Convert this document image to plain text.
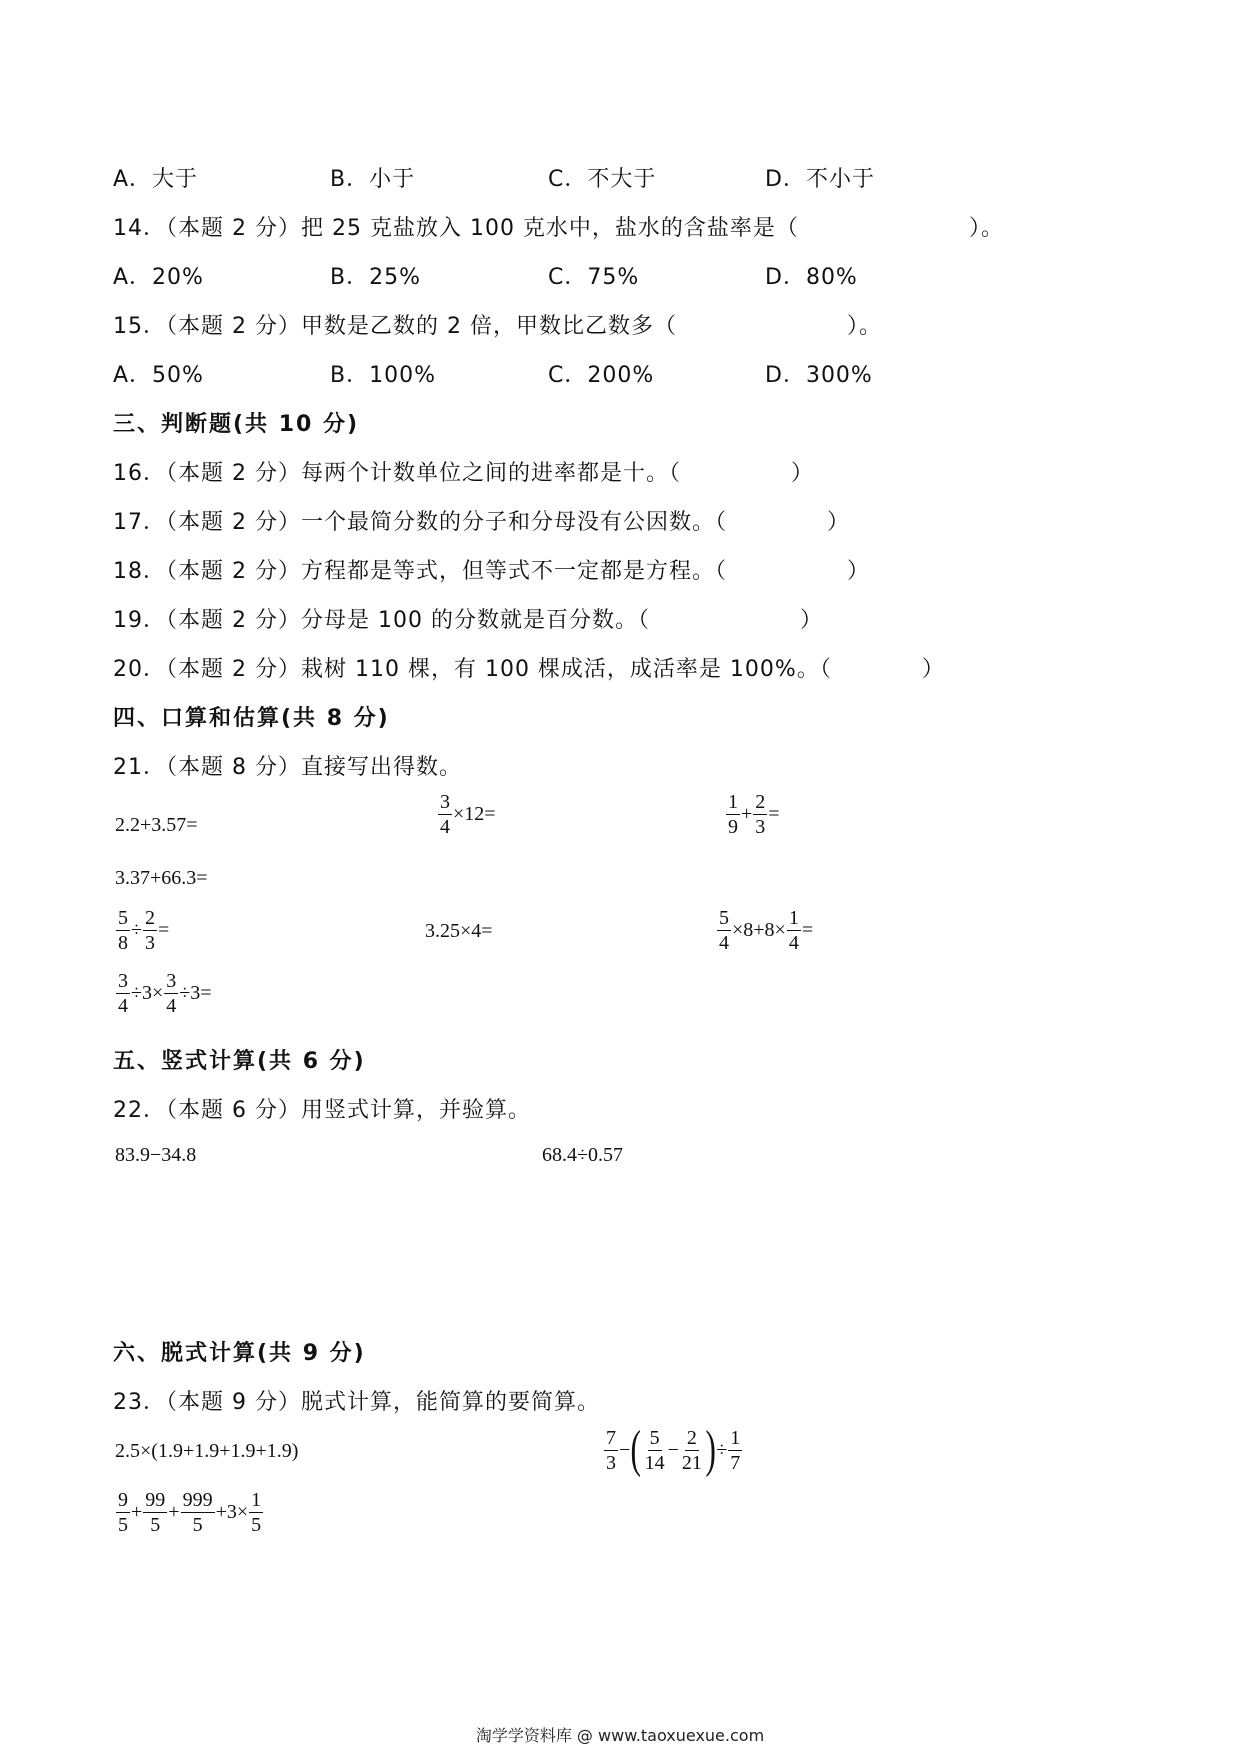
A．大于	B．小于	C．不大于	D．不小于
14．（本题 2 分）把 25 克盐放入 100 克水中，盐水的含盐率是（	）。
A．20%	B．25%	C．75%	D．80%
15．（本题 2 分）甲数是乙数的 2 倍，甲数比乙数多（	）。
A．50%	B．100%	C．200%	D．300%
三、判断题(共 10 分)
16．（本题 2 分）每两个计数单位之间的进率都是十。（	）
17．（本题 2 分）一个最简分数的分子和分母没有公因数。（	）
18．（本题 2 分）方程都是等式，但等式不一定都是方程。（	）
19．（本题 2 分）分母是 100 的分数就是百分数。（	）
20．（本题 2 分）栽树 110 棵，有 100 棵成活，成活率是 100%。（	）
四、口算和估算(共 8 分)
21．（本题 8 分）直接写出得数。
2.2+3.57=	$\frac{3}{4} \times 12=$	$\frac{1}{9} + \frac{2}{3}$ =
3.37+66.3=
$\frac{5}{8} \div \frac{2}{3}$ =	3.25×4=	$\frac{5}{4} \times 8+8\times \frac{1}{4}$ =
$\frac{3}{4} \div 3\times \frac{3}{4} \div 3=$
五、竖式计算(共 6 分)
22．（本题 6 分）用竖式计算，并验算。
83.9−34.8	68.4÷0.57
六、脱式计算(共 9 分)
23．（本题 9 分）脱式计算，能简算的要简算。
2.5×(1.9+1.9+1.9+1.9)	$\frac{7}{3}$ − ( $\frac{5}{14} - \frac{2}{21}$ ) ÷ $\frac{1}{7}$
$\frac{9}{5} + \frac{99}{5} + \frac{999}{5} +3\times \frac{1}{5}$
淘学学资料库 @ www.taoxuexue.com
